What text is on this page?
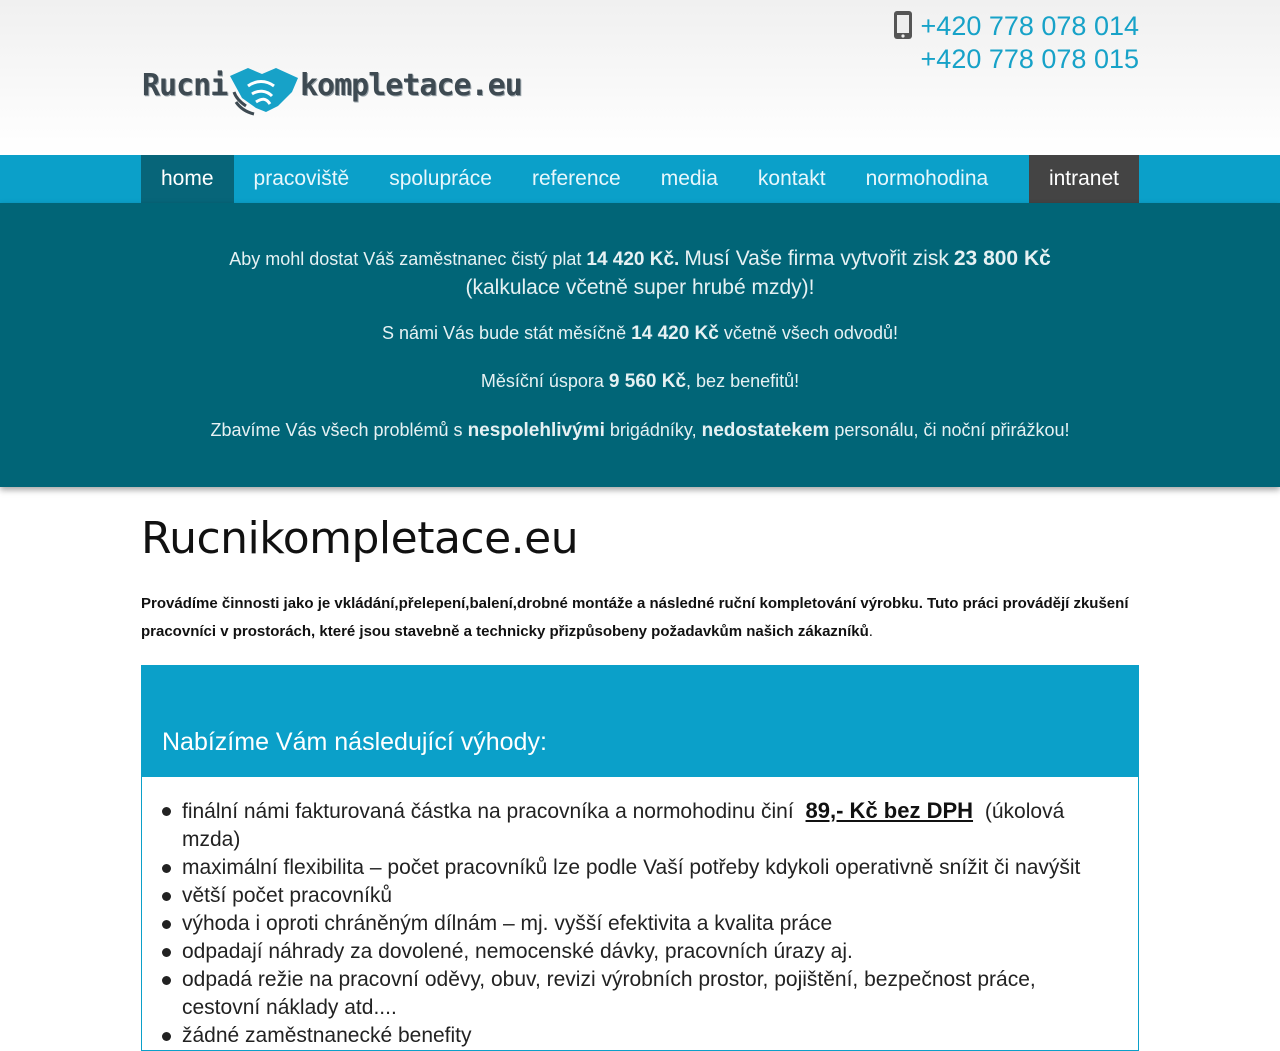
Rucni kompletace.eu
+420 778 078 014
+420 778 078 015
home	pracoviště	spolupráce	reference	media	kontakt	normohodina	intranet

Aby mohl dostat Váš zaměstnanec čistý plat 14 420 Kč. Musí Vaše firma vytvořit zisk 23 800 Kč
(kalkulace včetně super hrubé mzdy)!

S námi Vás bude stát měsíčně 14 420 Kč včetně všech odvodů!

Měsíční úspora 9 560 Kč, bez benefitů!

Zbavíme Vás všech problémů s nespolehlivými brigádníky, nedostatekem personálu, či noční přirážkou!

Rucnikompletace.eu

Provádíme činnosti jako je vkládání,přelepení,balení,drobné montáže a následné ruční kompletování výrobku. Tuto práci provádějí zkušení pracovníci v prostorách, které jsou stavebně a technicky přizpůsobeny požadavkům našich zákazníků.

Nabízíme Vám následující výhody:
finální námi fakturovaná částka na pracovníka a normohodinu činí 89,- Kč bez DPH (úkolová mzda)
maximální flexibilita – počet pracovníků lze podle Vaší potřeby kdykoli operativně snížit či navýšit
větší počet pracovníků
výhoda i oproti chráněným dílnám – mj. vyšší efektivita a kvalita práce
odpadají náhrady za dovolené, nemocenské dávky, pracovních úrazy aj.
odpadá režie na pracovní oděvy, obuv, revizi výrobních prostor, pojištění, bezpečnost práce, cestovní náklady atd....
žádné zaměstnanecké benefity
